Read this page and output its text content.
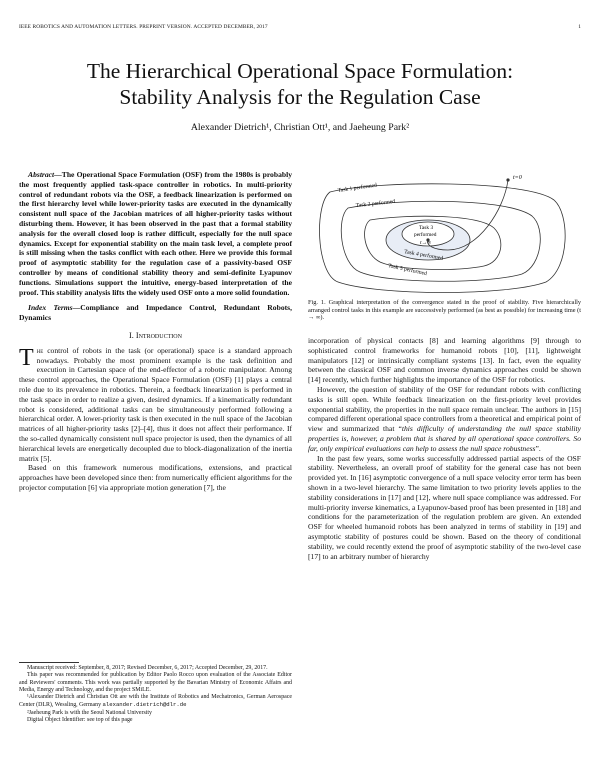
IEEE ROBOTICS AND AUTOMATION LETTERS. PREPRINT VERSION. ACCEPTED DECEMBER, 2017	1
The Hierarchical Operational Space Formulation:
Stability Analysis for the Regulation Case
Alexander Dietrich¹, Christian Ott¹, and Jaeheung Park²

Abstract—The Operational Space Formulation (OSF) from the 1980s is probably the most frequently applied task-space controller in robotics. In multi-priority control of redundant robots via the OSF, a feedback linearization is performed on the first hierarchy level while lower-priority tasks are executed in the dynamically consistent null space of the Jacobian matrices of all higher-priority tasks without disturbing them. However, it has been observed in the past that a formal stability analysis for the overall closed loop is rather difficult, especially for the null space dynamics. Except for exponential stability on the main task level, a complete proof is still missing when the tasks conflict with each other. Here we provide this formal proof of asymptotic stability for the regulation case of a passivity-based OSF controller by means of conditional stability theory and semi-definite Lyapunov functions. Simulations support the intuitive, energy-based interpretation of the proof. This stability analysis lifts the widely used OSF onto a more solid foundation.

Index Terms—Compliance and Impedance Control, Redundant Robots, Dynamics

I. Introduction

The control of robots in the task (or operational) space is a standard approach nowadays. Probably the most prominent example is the task definition and execution in Cartesian space of the end-effector of a robotic manipulator. Among these control approaches, the Operational Space Formulation (OSF) [1] plays a central role due to its prevalence in robotics. Therein, a feedback linearization is performed in the task space in order to realize a given, desired dynamics. If a kinematically redundant robot is considered, additional tasks can be simultaneously performed following a hierarchical order. A lower-priority task is then executed in the null space of the Jacobian matrices of all higher-priority tasks [2]–[4], thus it does not affect their performance. If the so-called dynamically consistent null space projector is used, then the dynamics of all hierarchical levels are energetically decoupled due to block-diagonalization of the inertia matrix [5].

Based on this framework numerous modifications, extensions, and practical approaches have been developed since then: from numerically efficient algorithms for the projector computation [6] via appropriate motion generation [7], the

Manuscript received: September, 8, 2017; Revised December, 6, 2017; Accepted December, 29, 2017.

This paper was recommended for publication by Editor Paolo Rocco upon evaluation of the Associate Editor and Reviewers' comments. This work was partially supported by the Bavarian Ministry of Economic Affairs and Media, Energy and Technology, and the project SMiLE.

¹Alexander Dietrich and Christian Ott are with the Institute of Robotics and Mechatronics, German Aerospace Center (DLR), Wessling, Germany alexander.dietrich@dlr.de

²Jaeheung Park is with the Seoul National University

Digital Object Identifier: see top of this page

t=0
Task 1 performed
Task 2 performed
Task 3
performed
t→∞
Task 4 performed
Task 5 performed
Fig. 1. Graphical interpretation of the convergence stated in the proof of stability. Five hierarchically arranged control tasks in this example are successively performed (as best as possible) for increasing time (t → ∞).

incorporation of physical contacts [8] and learning algorithms [9] through to sophisticated control frameworks for humanoid robots [10], [11], lightweight manipulators [12] or intrinsically compliant systems [13]. In fact, even the equality between the classical OSF and common inverse dynamics approaches could be shown [14] recently, which further highlights the importance of the OSF for robotics.

However, the question of stability of the OSF for redundant robots with conflicting tasks is still open. While feedback linearization on the first-priority level provides exponential stability, the properties in the null space remain unclear. The authors in [15] compared different operational space controllers from a theoretical and empirical point of view and summarized that “this difficulty of understanding the null space stability properties is, however, a problem that is shared by all operational space controllers. So far, only empirical evaluations can help to assess the null space robustness”.

In the past few years, some works successfully addressed partial aspects of the OSF stability. Nevertheless, an overall proof of stability for the general case has not been provided yet. In [16] asymptotic convergence of a null space velocity error term has been shown in a two-level hierarchy. The same limitation to two priority levels applies to the stability considerations in [17] and [12], where null space compliance was addressed. For multi-priority inverse kinematics, a Lyapunov-based proof has been presented in [18] and conditions for the parameterization of the regulation problem are given. An extended OSF for wheeled humanoid robots has been analyzed in terms of stability in [19] and asymptotic stability of postures could be shown. Based on the theory of conditional stability, we could recently extend the proof of asymptotic stability of the two-level case [17] to an arbitrary number of hierarchy
